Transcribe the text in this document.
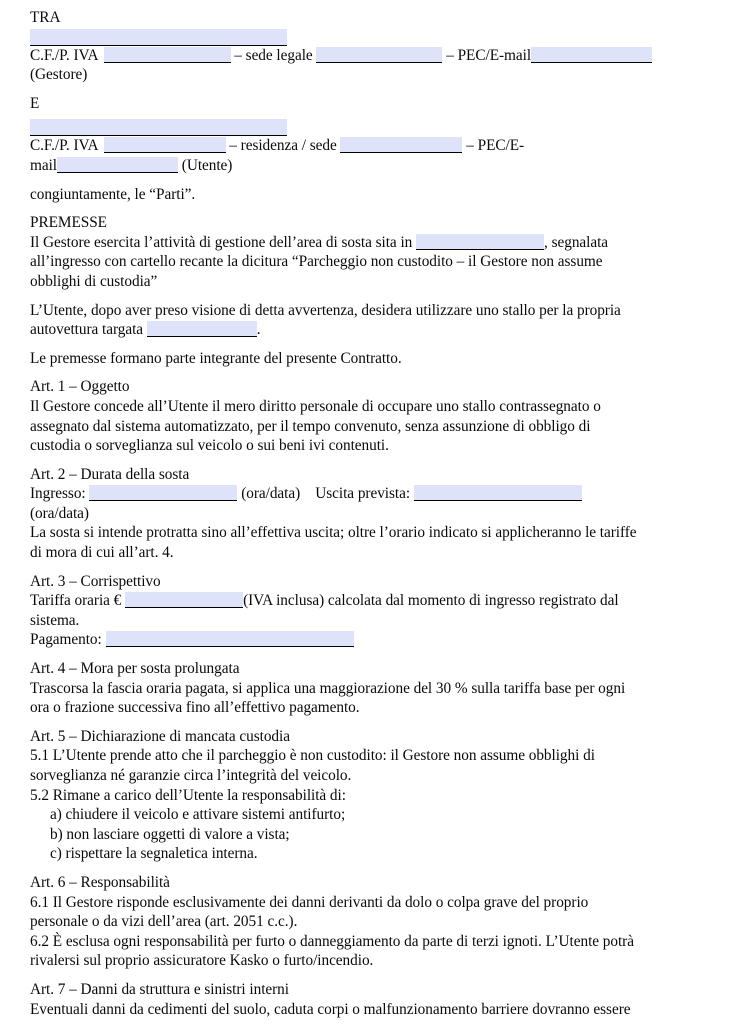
TRA
C.F./P. IVA	– sede legale	– PEC/E-mail
(Gestore)
E
C.F./P. IVA	– residenza / sede	– PEC/E-
mail	(Utente)
congiuntamente, le “Parti”.
PREMESSE
Il Gestore esercita l’attività di gestione dell’area di sosta sita in	, segnalata
all’ingresso con cartello recante la dicitura “Parcheggio non custodito – il Gestore non assume
obblighi di custodia”
L’Utente, dopo aver preso visione di detta avvertenza, desidera utilizzare uno stallo per la propria
autovettura targata	.
Le premesse formano parte integrante del presente Contratto.
Art. 1 – Oggetto
Il Gestore concede all’Utente il mero diritto personale di occupare uno stallo contrassegnato o
assegnato dal sistema automatizzato, per il tempo convenuto, senza assunzione di obbligo di
custodia o sorveglianza sul veicolo o sui beni ivi contenuti.
Art. 2 – Durata della sosta
Ingresso:	(ora/data) Uscita prevista:
(ora/data)
La sosta si intende protratta sino all’effettiva uscita; oltre l’orario indicato si applicheranno le tariffe
di mora di cui all’art. 4.
Art. 3 – Corrispettivo
Tariffa oraria €	(IVA inclusa) calcolata dal momento di ingresso registrato dal
sistema.
Pagamento:
Art. 4 – Mora per sosta prolungata
Trascorsa la fascia oraria pagata, si applica una maggiorazione del 30 % sulla tariffa base per ogni
ora o frazione successiva fino all’effettivo pagamento.
Art. 5 – Dichiarazione di mancata custodia
5.1 L’Utente prende atto che il parcheggio è non custodito: il Gestore non assume obblighi di
sorveglianza né garanzie circa l’integrità del veicolo.
5.2 Rimane a carico dell’Utente la responsabilità di:
a) chiudere il veicolo e attivare sistemi antifurto;
b) non lasciare oggetti di valore a vista;
c) rispettare la segnaletica interna.
Art. 6 – Responsabilità
6.1 Il Gestore risponde esclusivamente dei danni derivanti da dolo o colpa grave del proprio
personale o da vizi dell’area (art. 2051 c.c.).
6.2 È esclusa ogni responsabilità per furto o danneggiamento da parte di terzi ignoti. L’Utente potrà
rivalersi sul proprio assicuratore Kasko o furto/incendio.
Art. 7 – Danni da struttura e sinistri interni
Eventuali danni da cedimenti del suolo, caduta corpi o malfunzionamento barriere dovranno essere
